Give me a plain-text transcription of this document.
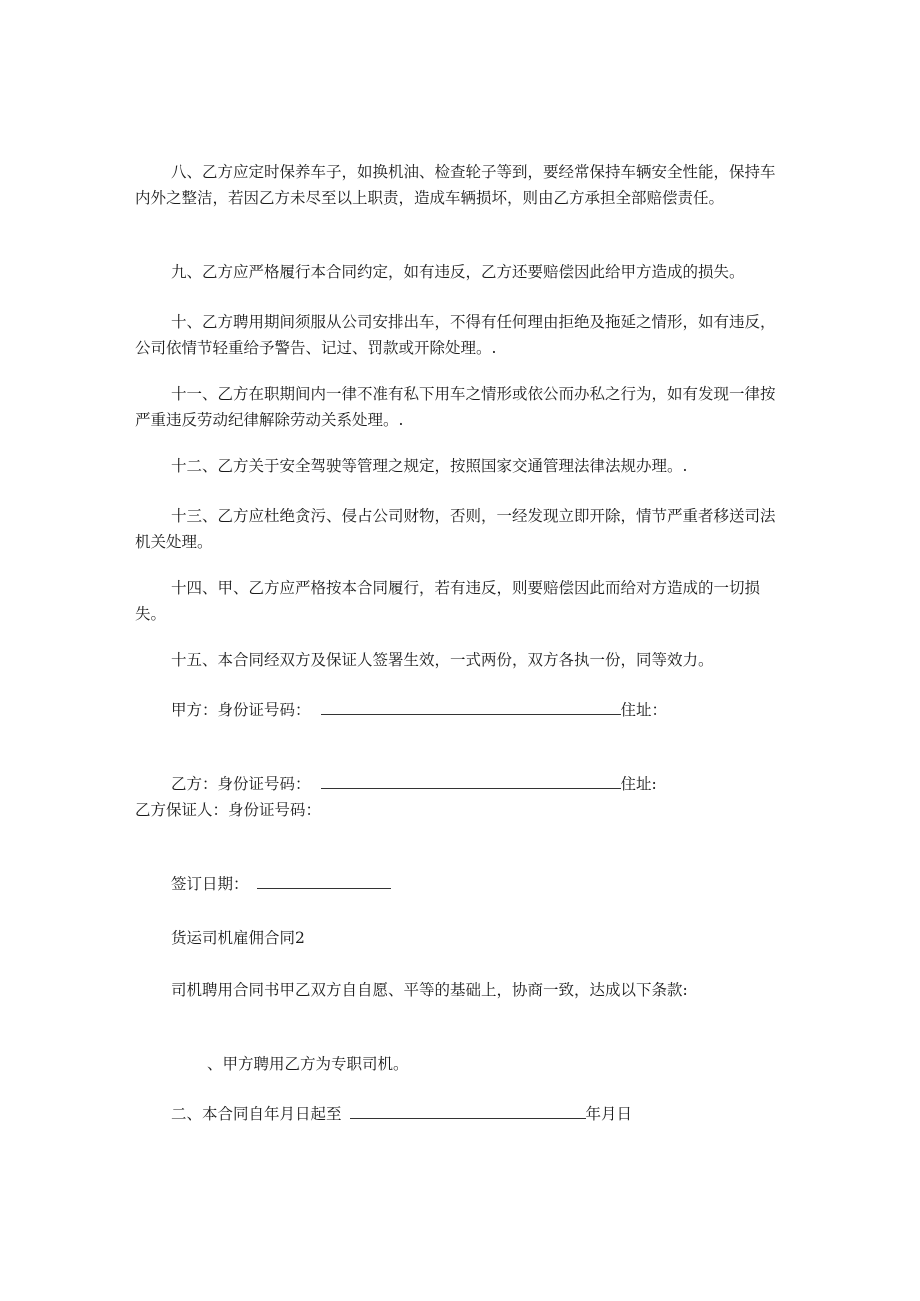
八、乙方应定时保养车子，如换机油、检查轮子等到，要经常保持车辆安全性能，保持车内外之整洁，若因乙方未尽至以上职责，造成车辆损坏，则由乙方承担全部赔偿责任。

九、乙方应严格履行本合同约定，如有违反，乙方还要赔偿因此给甲方造成的损失。

十、乙方聘用期间须服从公司安排出车，不得有任何理由拒绝及拖延之情形，如有违反，公司依情节轻重给予警告、记过、罚款或开除处理。.

十一、乙方在职期间内一律不准有私下用车之情形或依公而办私之行为，如有发现一律按严重违反劳动纪律解除劳动关系处理。.

十二、乙方关于安全驾驶等管理之规定，按照国家交通管理法律法规办理。.

十三、乙方应杜绝贪污、侵占公司财物，否则，一经发现立即开除，情节严重者移送司法机关处理。

十四、甲、乙方应严格按本合同履行，若有违反，则要赔偿因此而给对方造成的一切损失。

十五、本合同经双方及保证人签署生效，一式两份，双方各执一份，同等效力。

甲方：身份证号码：	住址：
乙方：身份证号码：	住址:
乙方保证人：身份证号码：
签订日期：
货运司机雇佣合同2
司机聘用合同书甲乙双方自自愿、平等的基础上，协商一致，达成以下条款:
、甲方聘用乙方为专职司机。
二、本合同自年月日起至	年月日
